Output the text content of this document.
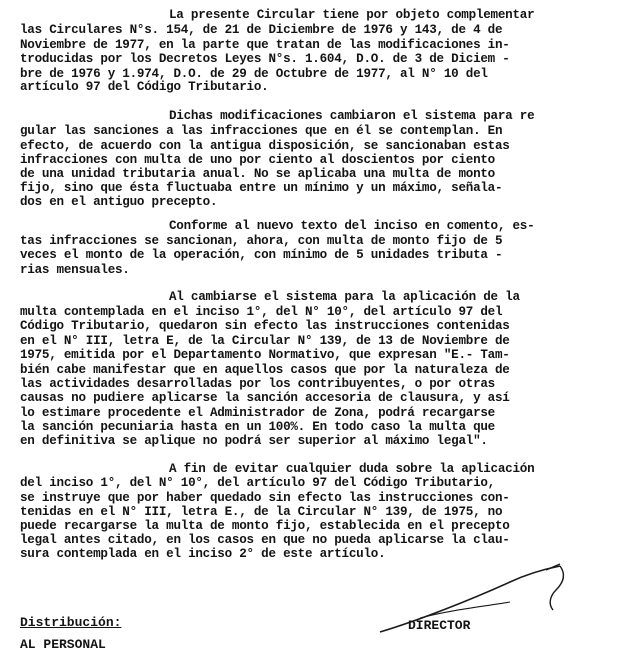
La presente Circular tiene por objeto complementar
las Circulares N°s. 154, de 21 de Diciembre de 1976 y 143, de 4 de
Noviembre de 1977, en la parte que tratan de las modificaciones in-
troducidas por los Decretos Leyes N°s. 1.604, D.O. de 3 de Diciem -
bre de 1976 y 1.974, D.O. de 29 de Octubre de 1977, al N° 10 del
artículo 97 del Código Tributario.
Dichas modificaciones cambiaron el sistema para re
gular las sanciones a las infracciones que en él se contemplan. En
efecto, de acuerdo con la antigua disposición, se sancionaban estas
infracciones con multa de uno por ciento al doscientos por ciento
de una unidad tributaria anual. No se aplicaba una multa de monto
fijo, sino que ésta fluctuaba entre un mínimo y un máximo, señala-
dos en el antiguo precepto.
Conforme al nuevo texto del inciso en comento, es-
tas infracciones se sancionan, ahora, con multa de monto fijo de 5
veces el monto de la operación, con mínimo de 5 unidades tributa -
rias mensuales.
Al cambiarse el sistema para la aplicación de la
multa contemplada en el inciso 1°, del N° 10°, del artículo 97 del
Código Tributario, quedaron sin efecto las instrucciones contenidas
en el N° III, letra E, de la Circular N° 139, de 13 de Noviembre de
1975, emitida por el Departamento Normativo, que expresan "E.- Tam-
bién cabe manifestar que en aquellos casos que por la naturaleza de
las actividades desarrolladas por los contribuyentes, o por otras
causas no pudiere aplicarse la sanción accesoria de clausura, y así
lo estimare procedente el Administrador de Zona, podrá recargarse
la sanción pecuniaria hasta en un 100%. En todo caso la multa que
en definitiva se aplique no podrá ser superior al máximo legal".
A fin de evitar cualquier duda sobre la aplicación
del inciso 1°, del N° 10°, del artículo 97 del Código Tributario,
se instruye que por haber quedado sin efecto las instrucciones con-
tenidas en el N° III, letra E., de la Circular N° 139, de 1975, no
puede recargarse la multa de monto fijo, establecida en el precepto
legal antes citado, en los casos en que no pueda aplicarse la clau-
sura contemplada en el inciso 2° de este artículo.
DIRECTOR
Distribución:
AL PERSONAL
